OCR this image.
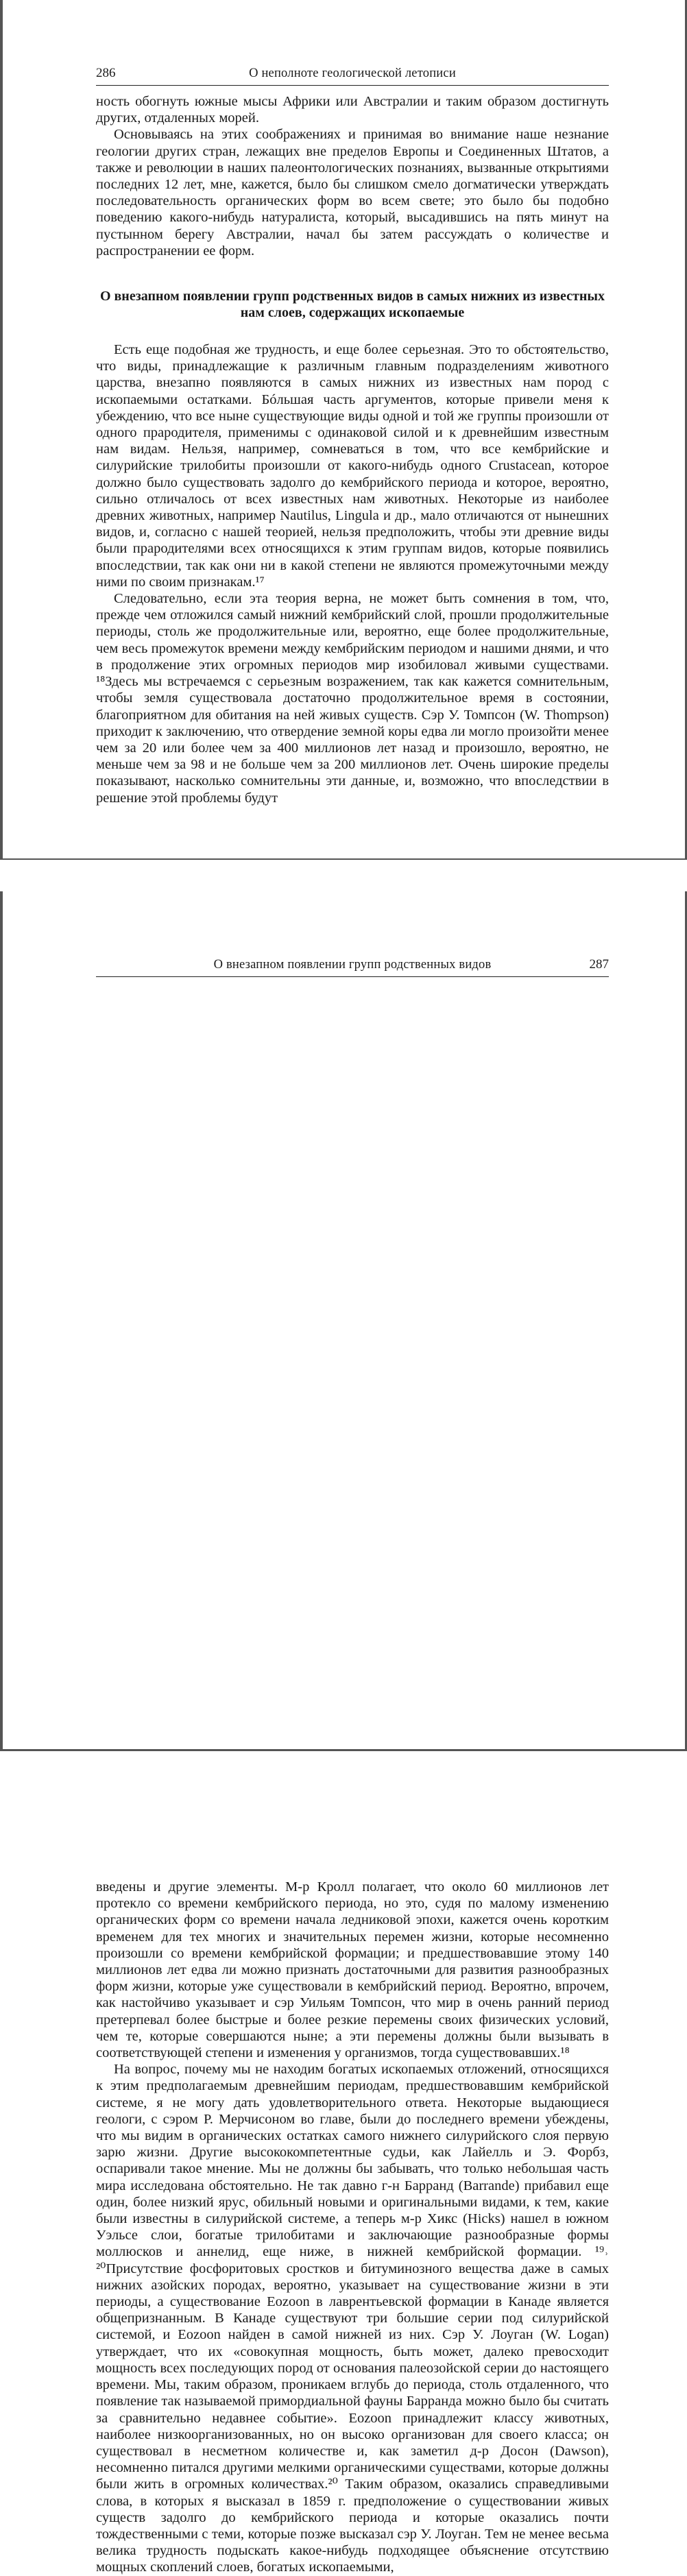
286	О неполноте геологической летописи

ность обогнуть южные мысы Африки или Австралии и таким образом достигнуть других, отдаленных морей.

Основываясь на этих соображениях и принимая во внимание наше незнание геологии других стран, лежащих вне пределов Европы и Соединенных Штатов, а также и революции в наших палеонтологических познаниях, вызванные открытиями последних 12 лет, мне, кажется, было бы слишком смело догматически утверждать последовательность органических форм во всем свете; это было бы подобно поведению какого-нибудь натуралиста, который, высадившись на пять минут на пустынном берегу Австралии, начал бы затем рассуждать о количестве и распространении ее форм.

О внезапном появлении групп родственных видов в самых нижних из известных нам слоев, содержащих ископаемые

Есть еще подобная же трудность, и еще более серьезная. Это то обстоятельство, что виды, принадлежащие к различным главным подразделениям животного царства, внезапно появляются в самых нижних из известных нам пород с ископаемыми остатками. Бóльшая часть аргументов, которые привели меня к убеждению, что все ныне существующие виды одной и той же группы произошли от одного прародителя, применимы с одинаковой силой и к древнейшим известным нам видам. Нельзя, например, сомневаться в том, что все кембрийские и силурийские трилобиты произошли от какого-нибудь одного Crustacean, которое должно было существовать задолго до кембрийского периода и которое, вероятно, сильно отличалось от всех известных нам животных. Некоторые из наиболее древних животных, например Nautilus, Lingula и др., мало отличаются от нынешних видов, и, согласно с нашей теорией, нельзя предположить, чтобы эти древние виды были прародителями всех относящихся к этим группам видов, которые появились впоследствии, так как они ни в какой степени не являются промежуточными между ними по своим признакам.¹⁷

Следовательно, если эта теория верна, не может быть сомнения в том, что, прежде чем отложился самый нижний кембрийский слой, прошли продолжительные периоды, столь же продолжительные или, вероятно, еще более продолжительные, чем весь промежуток времени между кембрийским периодом и нашими днями, и что в продолжение этих огромных периодов мир изобиловал живыми существами. ¹⁸Здесь мы встречаемся с серьезным возражением, так как кажется сомнительным, чтобы земля существовала достаточно продолжительное время в состоянии, благоприятном для обитания на ней живых существ. Сэр У. Томпсон (W. Thompson) приходит к заключению, что отвердение земной коры едва ли могло произойти менее чем за 20 или более чем за 400 миллионов лет назад и произошло, вероятно, не меньше чем за 98 и не больше чем за 200 миллионов лет. Очень широкие пределы показывают, насколько сомнительны эти данные, и, возможно, что впоследствии в решение этой проблемы будут

О внезапном появлении групп родственных видов	287

введены и другие элементы. М-р Кролл полагает, что около 60 миллионов лет протекло со времени кембрийского периода, но это, судя по малому изменению органических форм со времени начала ледниковой эпохи, кажется очень коротким временем для тех многих и значительных перемен жизни, которые несомненно произошли со времени кембрийской формации; и предшествовавшие этому 140 миллионов лет едва ли можно признать достаточными для развития разнообразных форм жизни, которые уже существовали в кембрийский период. Вероятно, впрочем, как настойчиво указывает и сэр Уильям Томпсон, что мир в очень ранний период претерпевал более быстрые и более резкие перемены своих физических условий, чем те, которые совершаются ныне; а эти перемены должны были вызывать в соответствующей степени и изменения у организмов, тогда существовавших.¹⁸

На вопрос, почему мы не находим богатых ископаемых отложений, относящихся к этим предполагаемым древнейшим периодам, предшествовавшим кембрийской системе, я не могу дать удовлетворительного ответа. Некоторые выдающиеся геологи, с сэром Р. Мерчисоном во главе, были до последнего времени убеждены, что мы видим в органических остатках самого нижнего силурийского слоя первую зарю жизни. Другие высококомпетентные судьи, как Лайелль и Э. Форбз, оспаривали такое мнение. Мы не должны бы забывать, что только небольшая часть мира исследована обстоятельно. Не так давно г-н Барранд (Barrande) прибавил еще один, более низкий ярус, обильный новыми и оригинальными видами, к тем, какие были известны в силурийской системе, а теперь м-р Хикс (Hicks) нашел в южном Уэльсе слои, богатые трилобитами и заключающие разнообразные формы моллюсков и аннелид, еще ниже, в нижней кембрийской формации. ¹⁹˒ ²⁰Присутствие фосфоритовых сростков и битуминозного вещества даже в самых нижних азойских породах, вероятно, указывает на существование жизни в эти периоды, а существование Eozoon в лаврентьевской формации в Канаде является общепризнанным. В Канаде существуют три большие серии под силурийской системой, и Eozoon найден в самой нижней из них. Сэр У. Лоуган (W. Logan) утверждает, что их «совокупная мощность, быть может, далеко превосходит мощность всех последующих пород от основания палеозойской серии до настоящего времени. Мы, таким образом, проникаем вглубь до периода, столь отдаленного, что появление так называемой примордиальной фауны Барранда можно было бы считать за сравнительно недавнее событие». Eozoon принадлежит классу животных, наиболее низкоорганизованных, но он высоко организован для своего класса; он существовал в несметном количестве и, как заметил д-р Досон (Dawson), несомненно питался другими мелкими органическими существами, которые должны были жить в огромных количествах.²⁰ Таким образом, оказались справедливыми слова, в которых я высказал в 1859 г. предположение о существовании живых существ задолго до кембрийского периода и которые оказались почти тождественными с теми, которые позже высказал сэр У. Лоуган. Тем не менее весьма велика трудность подыскать какое-нибудь подходящее объяснение отсутствию мощных скоплений слоев, богатых ископаемыми,
